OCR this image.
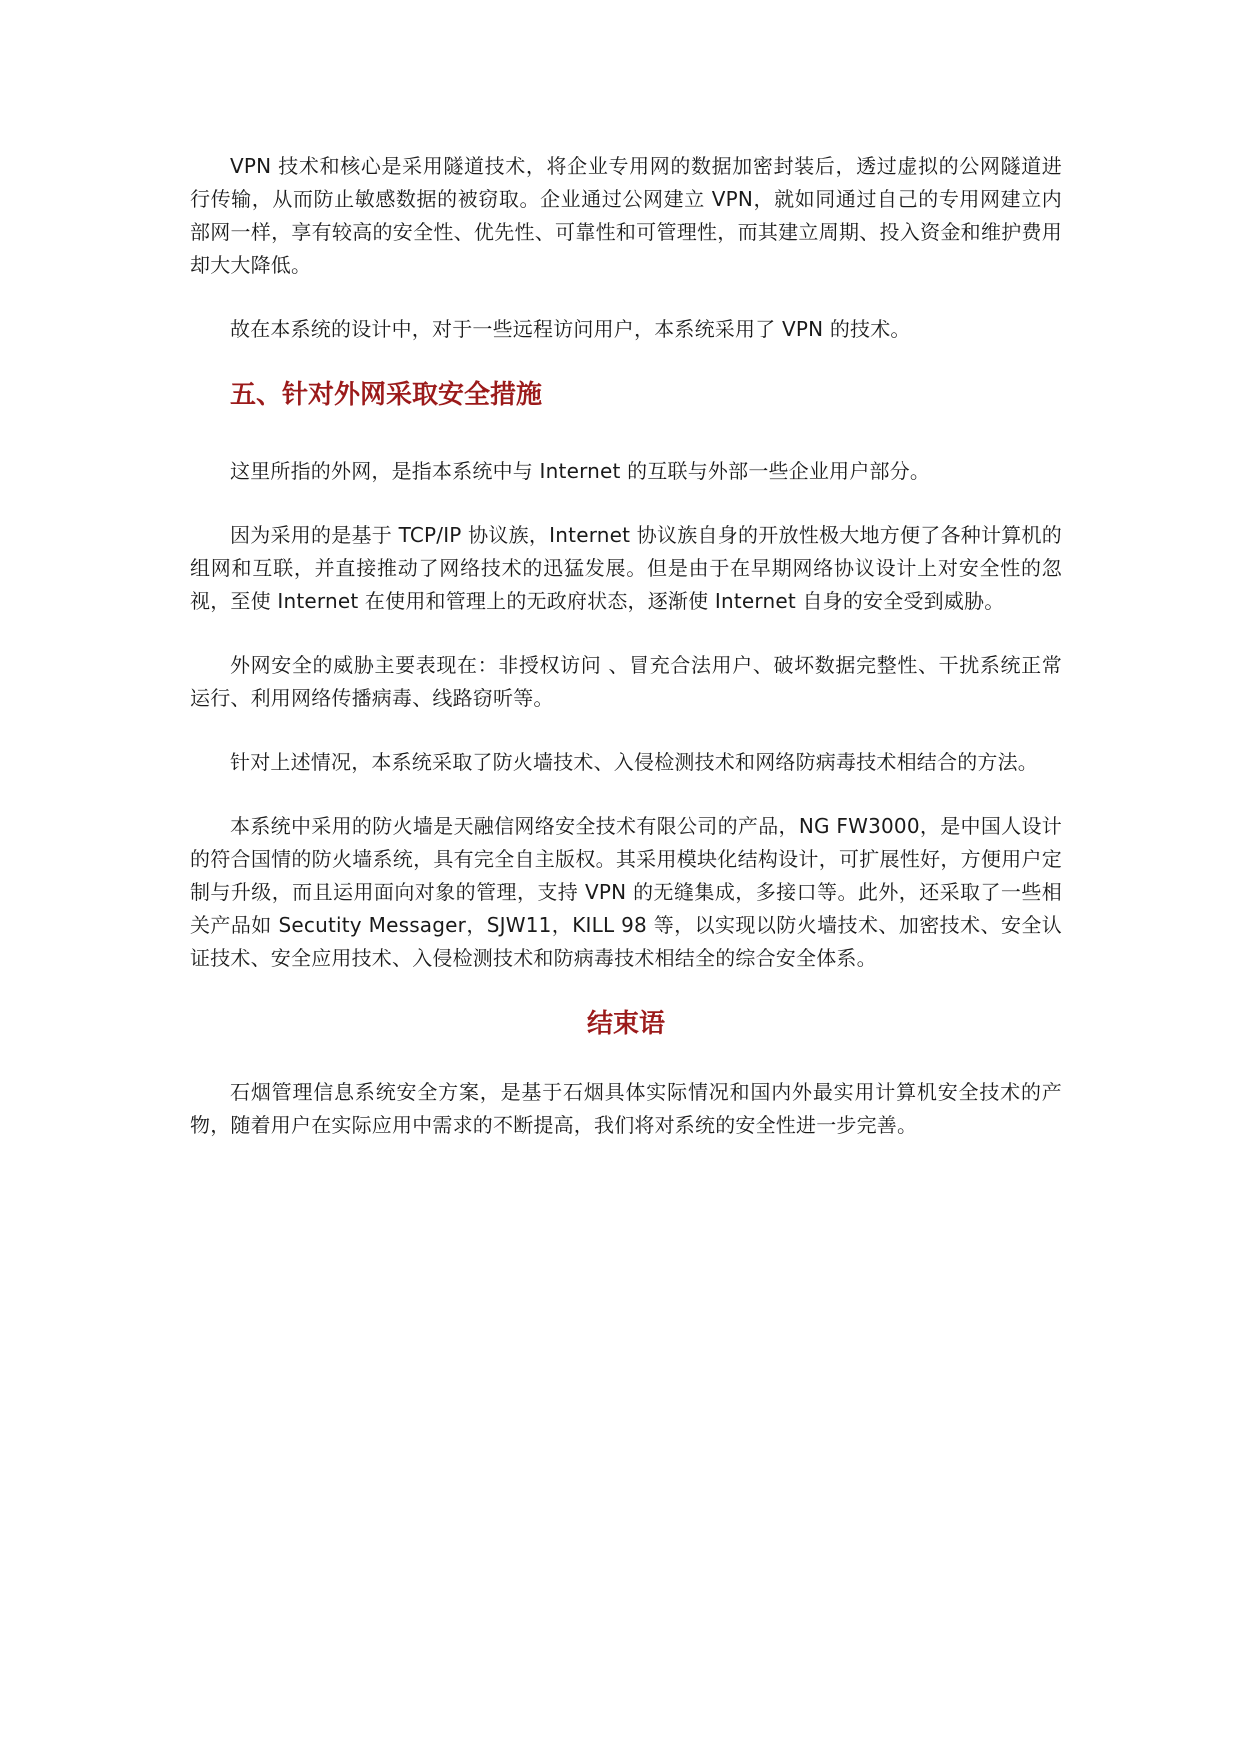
VPN 技术和核心是采用隧道技术，将企业专用网的数据加密封装后，透过虚拟的公网隧道进行传输，从而防止敏感数据的被窃取。企业通过公网建立 VPN，就如同通过自己的专用网建立内部网一样，享有较高的安全性、优先性、可靠性和可管理性，而其建立周期、投入资金和维护费用却大大降低。

故在本系统的设计中，对于一些远程访问用户，本系统采用了 VPN 的技术。

五、针对外网采取安全措施

这里所指的外网，是指本系统中与 Internet 的互联与外部一些企业用户部分。

因为采用的是基于 TCP/IP 协议族，Internet 协议族自身的开放性极大地方便了各种计算机的组网和互联，并直接推动了网络技术的迅猛发展。但是由于在早期网络协议设计上对安全性的忽视，至使 Internet 在使用和管理上的无政府状态，逐渐使 Internet 自身的安全受到威胁。

外网安全的威胁主要表现在：非授权访问 、冒充合法用户、破坏数据完整性、干扰系统正常运行、利用网络传播病毒、线路窃听等。

针对上述情况，本系统采取了防火墙技术、入侵检测技术和网络防病毒技术相结合的方法。

本系统中采用的防火墙是天融信网络安全技术有限公司的产品，NG FW3000，是中国人设计的符合国情的防火墙系统，具有完全自主版权。其采用模块化结构设计，可扩展性好，方便用户定制与升级，而且运用面向对象的管理，支持 VPN 的无缝集成，多接口等。此外，还采取了一些相关产品如 Secutity Messager，SJW11，KILL 98 等，以实现以防火墙技术、加密技术、安全认证技术、安全应用技术、入侵检测技术和防病毒技术相结全的综合安全体系。

结束语

石烟管理信息系统安全方案，是基于石烟具体实际情况和国内外最实用计算机安全技术的产物，随着用户在实际应用中需求的不断提高，我们将对系统的安全性进一步完善。
